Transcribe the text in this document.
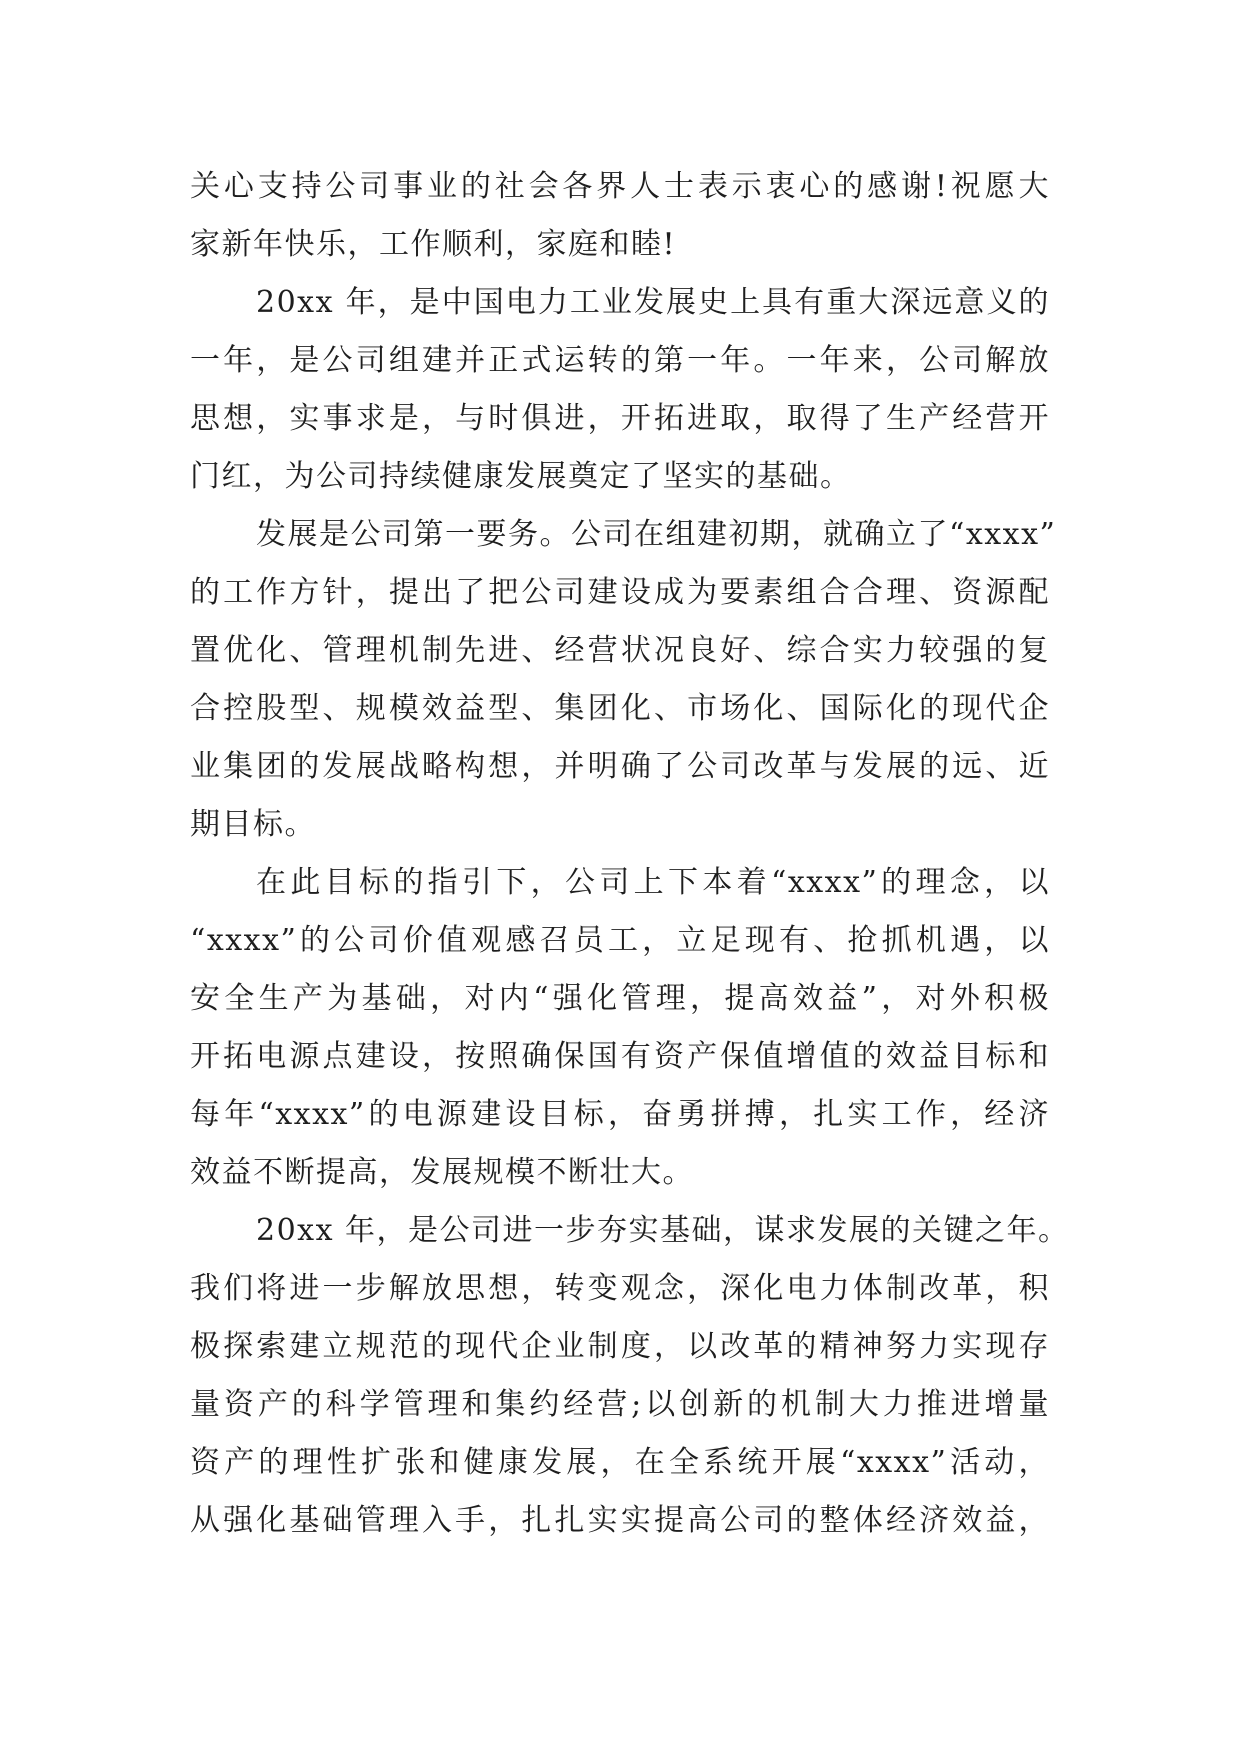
关心支持公司事业的社会各界人士表示衷心的感谢!祝愿大
家新年快乐，工作顺利，家庭和睦!
20xx 年，是中国电力工业发展史上具有重大深远意义的
一年，是公司组建并正式运转的第一年。一年来，公司解放
思想，实事求是，与时俱进，开拓进取，取得了生产经营开
门红，为公司持续健康发展奠定了坚实的基础。
发展是公司第一要务。公司在组建初期，就确立了“xxxx”
的工作方针，提出了把公司建设成为要素组合合理、资源配
置优化、管理机制先进、经营状况良好、综合实力较强的复
合控股型、规模效益型、集团化、市场化、国际化的现代企
业集团的发展战略构想，并明确了公司改革与发展的远、近
期目标。
在此目标的指引下，公司上下本着“xxxx”的理念，以
“xxxx”的公司价值观感召员工，立足现有、抢抓机遇，以
安全生产为基础，对内“强化管理，提高效益”，对外积极
开拓电源点建设，按照确保国有资产保值增值的效益目标和
每年“xxxx”的电源建设目标，奋勇拼搏，扎实工作，经济
效益不断提高，发展规模不断壮大。
20xx 年，是公司进一步夯实基础，谋求发展的关键之年。
我们将进一步解放思想，转变观念，深化电力体制改革，积
极探索建立规范的现代企业制度，以改革的精神努力实现存
量资产的科学管理和集约经营;以创新的机制大力推进增量
资产的理性扩张和健康发展，在全系统开展“xxxx”活动，
从强化基础管理入手，扎扎实实提高公司的整体经济效益，
